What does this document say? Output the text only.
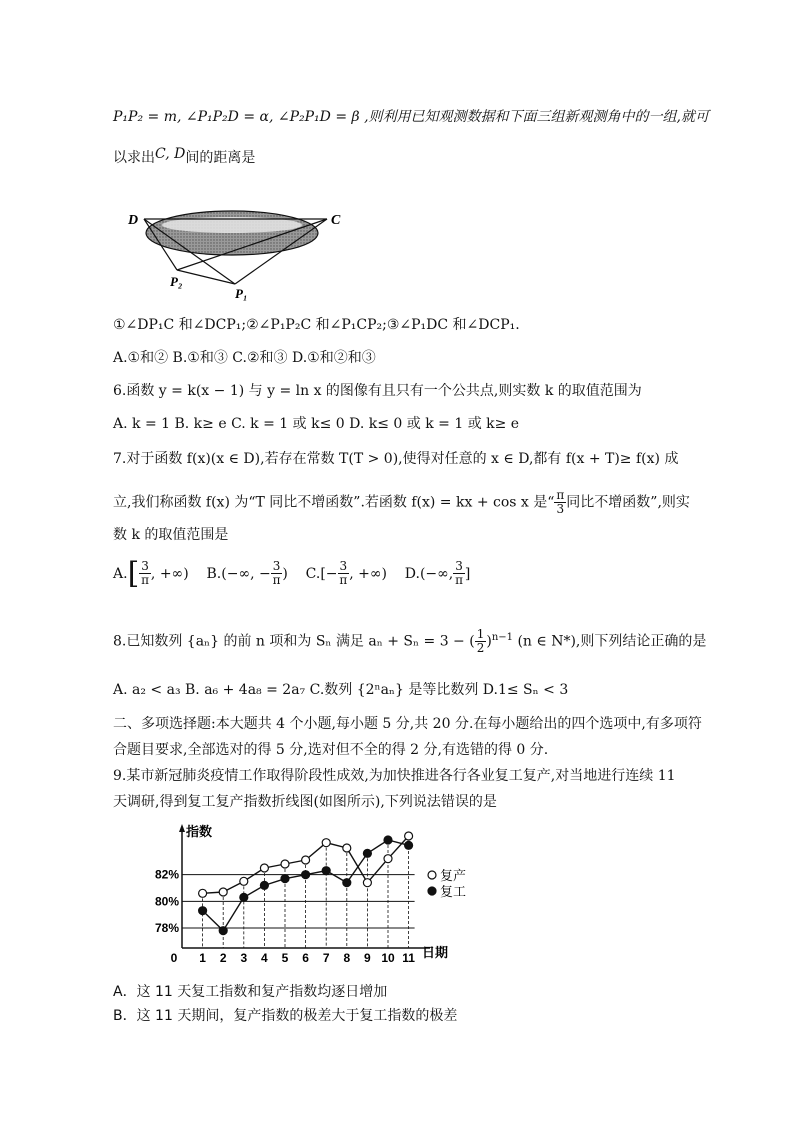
P₁P₂ = m, ∠P₁P₂D = α, ∠P₂P₁D = β ,则利用已知观测数据和下面三组新观测角中的一组,就可
以求出C, D间的距离是
D	C
P₂
P₁
①∠DP₁C 和∠DCP₁;②∠P₁P₂C 和∠P₁CP₂;③∠P₁DC 和∠DCP₁.
A.①和② B.①和③ C.②和③ D.①和②和③
6.函数 y = k(x − 1) 与 y = ln x 的图像有且只有一个公共点,则实数 k 的取值范围为
A. k = 1 B. k≥ e C. k = 1 或 k≤ 0 D. k≤ 0 或 k = 1 或 k≥ e
7.对于函数 f(x)(x ∈ D),若存在常数 T(T > 0),使得对任意的 x ∈ D,都有 f(x + T)≥ f(x) 成
立,我们称函数 f(x) 为“T 同比不增函数”.若函数 f(x) = kx + cos x 是“ $\frac{\pi}{3}$ 同比不增函数”,则实
数 k 的取值范围是
$A.[ \frac{3}{\pi}$ , +∞) B.(−∞, − $\frac{3}{\pi}$ ) $C.[- \frac{3}{\pi}$ , +∞) D.(−∞, $\frac{3}{\pi}$ ]
8.已知数列 {aₙ} 的前 n 项和为 Sₙ 满足 aₙ + Sₙ = 3 − ( $\frac{1}{2} )^{n-1}$ (n ∈ N*),则下列结论正确的是
A. a₂ < a₃ B. a₆ + 4a₈ = 2a₇ C.数列 {2ⁿaₙ} 是等比数列 D.1≤ Sₙ < 3
二、多项选择题:本大题共 4 个小题,每小题 5 分,共 20 分.在每小题给出的四个选项中,有多项符
合题目要求,全部选对的得 5 分,选对但不全的得 2 分,有选错的得 0 分.
9.某市新冠肺炎疫情工作取得阶段性成效,为加快推进各行各业复工复产,对当地进行连续 11
天调研,得到复工复产指数折线图(如图所示),下列说法错误的是
指数
日期
78%
80%
82%
0 1 2 3 4 5 6 7 8 9 10 11
复产
复工
A．这 11 天复工指数和复产指数均逐日增加
B．这 11 天期间，复产指数的极差大于复工指数的极差
